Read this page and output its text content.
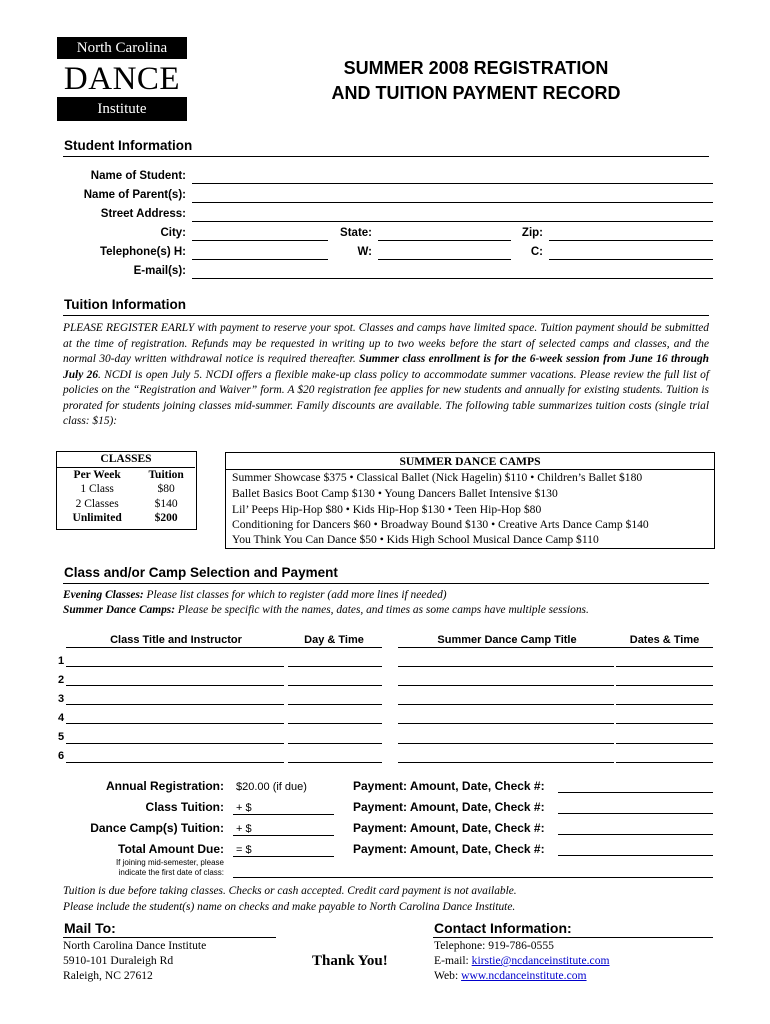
North Carolina
DANCE
Institute
SUMMER 2008 REGISTRATION
AND TUITION PAYMENT RECORD
Student Information
Name of Student:
Name of Parent(s):
Street Address:
City:	State:	Zip:
Telephone(s) H:	W:	C:
E-mail(s):
Tuition Information
PLEASE REGISTER EARLY with payment to reserve your spot. Classes and camps have limited space. Tuition payment should be submitted at the time of registration. Refunds may be requested in writing up to two weeks before the start of selected camps and classes, and the normal 30-day written withdrawal notice is required thereafter. Summer class enrollment is for the 6-week session from June 16 through July 26. NCDI is open July 5. NCDI offers a flexible make-up class policy to accommodate summer vacations. Please review the full list of policies on the “Registration and Waiver” form. A $20 registration fee applies for new students and annually for existing students. Tuition is prorated for students joining classes mid-summer. Family discounts are available. The following table summarizes tuition costs (single trial class: $15):
CLASSES	
Per Week	Tuition
1 Class	$80
2 Classes	$140
Unlimited	$200
SUMMER DANCE CAMPS
Summer Showcase $375 • Classical Ballet (Nick Hagelin) $110 • Children’s Ballet $180
Ballet Basics Boot Camp $130 • Young Dancers Ballet Intensive $130
Lil’ Peeps Hip-Hop $80 • Kids Hip-Hop $130 • Teen Hip-Hop $80
Conditioning for Dancers $60 • Broadway Bound $130 • Creative Arts Dance Camp $140
You Think You Can Dance $50 • Kids High School Musical Dance Camp $110
Class and/or Camp Selection and Payment
Evening Classes: Please list classes for which to register (add more lines if needed)
Summer Dance Camps: Please be specific with the names, dates, and times as some camps have multiple sessions.
Class Title and Instructor	Day & Time	Summer Dance Camp Title	Dates & Time
1
2
3
4
5
6
Annual Registration: $20.00 (if due)	Payment: Amount, Date, Check #:
Class Tuition: + $	Payment: Amount, Date, Check #:
Dance Camp(s) Tuition: + $	Payment: Amount, Date, Check #:
Total Amount Due: = $	Payment: Amount, Date, Check #:
If joining mid-semester, please
indicate the first date of class:
Tuition is due before taking classes. Checks or cash accepted. Credit card payment is not available.
Please include the student(s) name on checks and make payable to North Carolina Dance Institute.
Mail To:
North Carolina Dance Institute
5910-101 Duraleigh Rd
Raleigh, NC 27612
Thank You!
Contact Information:
Telephone: 919-786-0555
E-mail: kirstie@ncdanceinstitute.com
Web: www.ncdanceinstitute.com
